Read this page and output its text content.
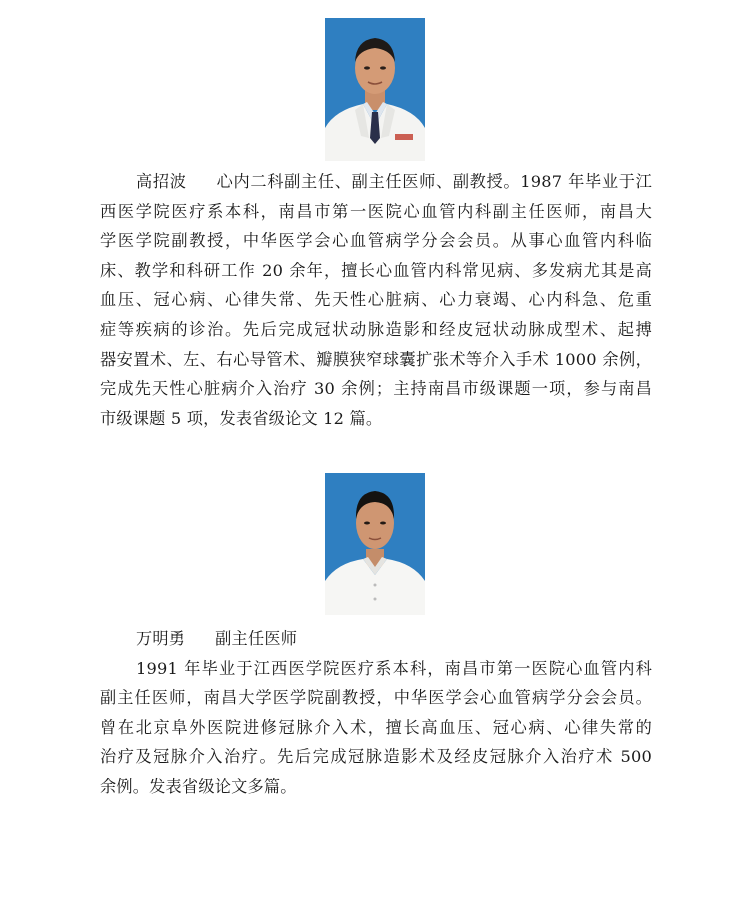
高招波 心内二科副主任、副主任医师、副教授。1987 年毕业于江
西医学院医疗系本科，南昌市第一医院心血管内科副主任医师，南昌大
学医学院副教授，中华医学会心血管病学分会会员。从事心血管内科临
床、教学和科研工作 20 余年，擅长心血管内科常见病、多发病尤其是高
血压、冠心病、心律失常、先天性心脏病、心力衰竭、心内科急、危重
症等疾病的诊治。先后完成冠状动脉造影和经皮冠状动脉成型术、起搏
器安置术、左、右心导管术、瓣膜狭窄球囊扩张术等介入手术 1000 余例，
完成先天性心脏病介入治疗 30 余例；主持南昌市级课题一项，参与南昌
市级课题 5 项，发表省级论文 12 篇。
万明勇 副主任医师
1991 年毕业于江西医学院医疗系本科，南昌市第一医院心血管内科
副主任医师，南昌大学医学院副教授，中华医学会心血管病学分会会员。
曾在北京阜外医院进修冠脉介入术，擅长高血压、冠心病、心律失常的
治疗及冠脉介入治疗。先后完成冠脉造影术及经皮冠脉介入治疗术 500
余例。发表省级论文多篇。
